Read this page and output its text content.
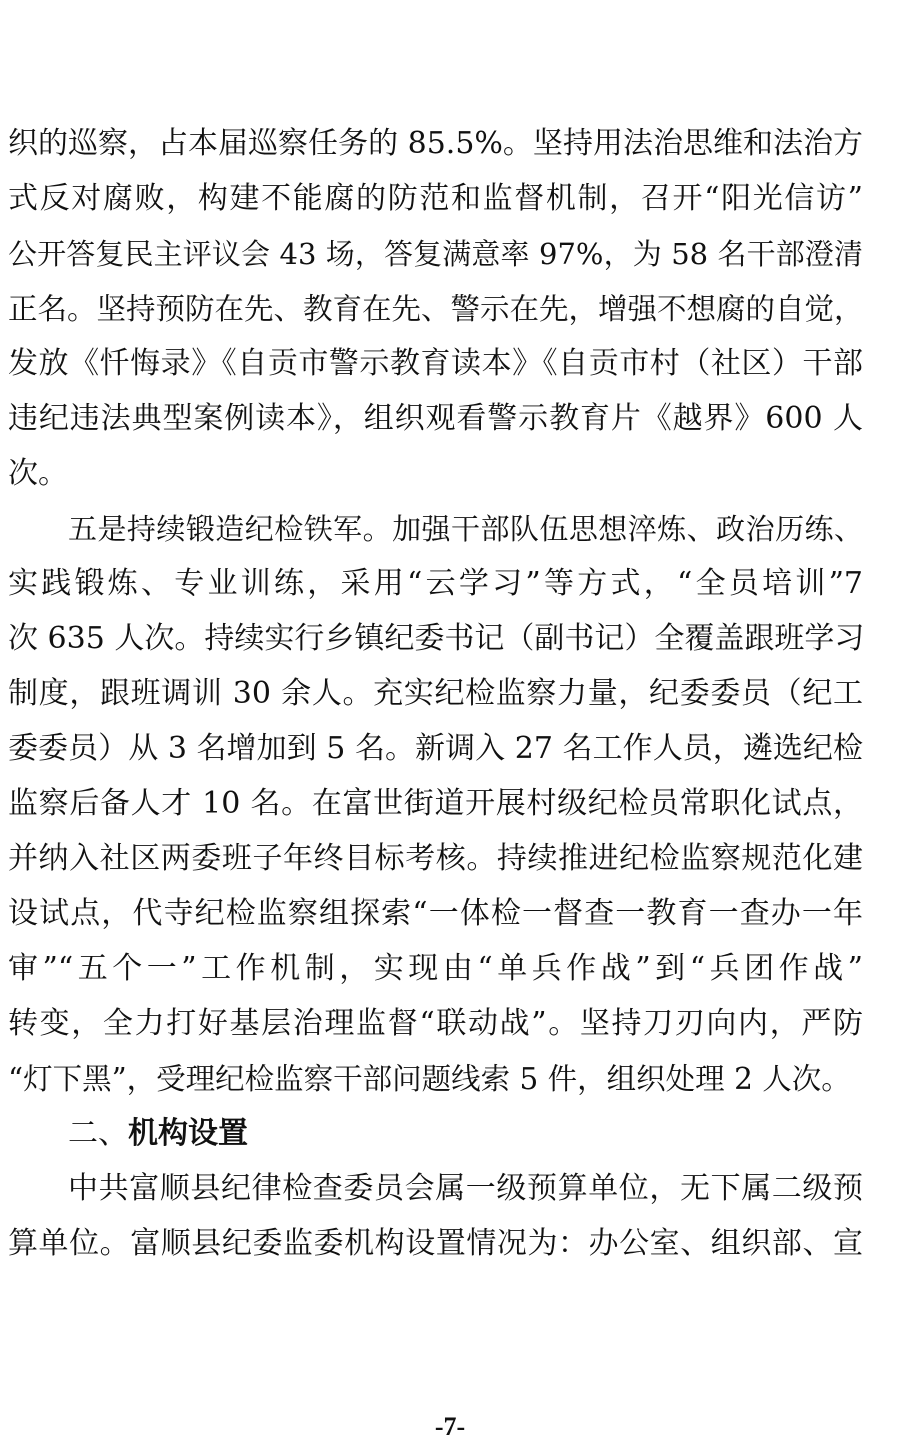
织的巡察，占本届巡察任务的 85.5%。坚持用法治思维和法治方
式反对腐败，构建不能腐的防范和监督机制，召开“阳光信访”
公开答复民主评议会 43 场，答复满意率 97%，为 58 名干部澄清
正名。坚持预防在先、教育在先、警示在先，增强不想腐的自觉，
发放《忏悔录》《自贡市警示教育读本》《自贡市村（社区）干部
违纪违法典型案例读本》，组织观看警示教育片《越界》600 人
次。
五是持续锻造纪检铁军。加强干部队伍思想淬炼、政治历练、
实践锻炼、专业训练，采用“云学习”等方式，“全员培训”7
次 635 人次。持续实行乡镇纪委书记（副书记）全覆盖跟班学习
制度，跟班调训 30 余人。充实纪检监察力量，纪委委员（纪工
委委员）从 3 名增加到 5 名。新调入 27 名工作人员，遴选纪检
监察后备人才 10 名。在富世街道开展村级纪检员常职化试点，
并纳入社区两委班子年终目标考核。持续推进纪检监察规范化建
设试点，代寺纪检监察组探索“一体检一督查一教育一查办一年
审”“五个一”工作机制，实现由“单兵作战”到“兵团作战”
转变，全力打好基层治理监督“联动战”。坚持刀刃向内，严防
“灯下黑”，受理纪检监察干部问题线索 5 件，组织处理 2 人次。
二、机构设置
中共富顺县纪律检查委员会属一级预算单位，无下属二级预
算单位。富顺县纪委监委机构设置情况为：办公室、组织部、宣
-7-
